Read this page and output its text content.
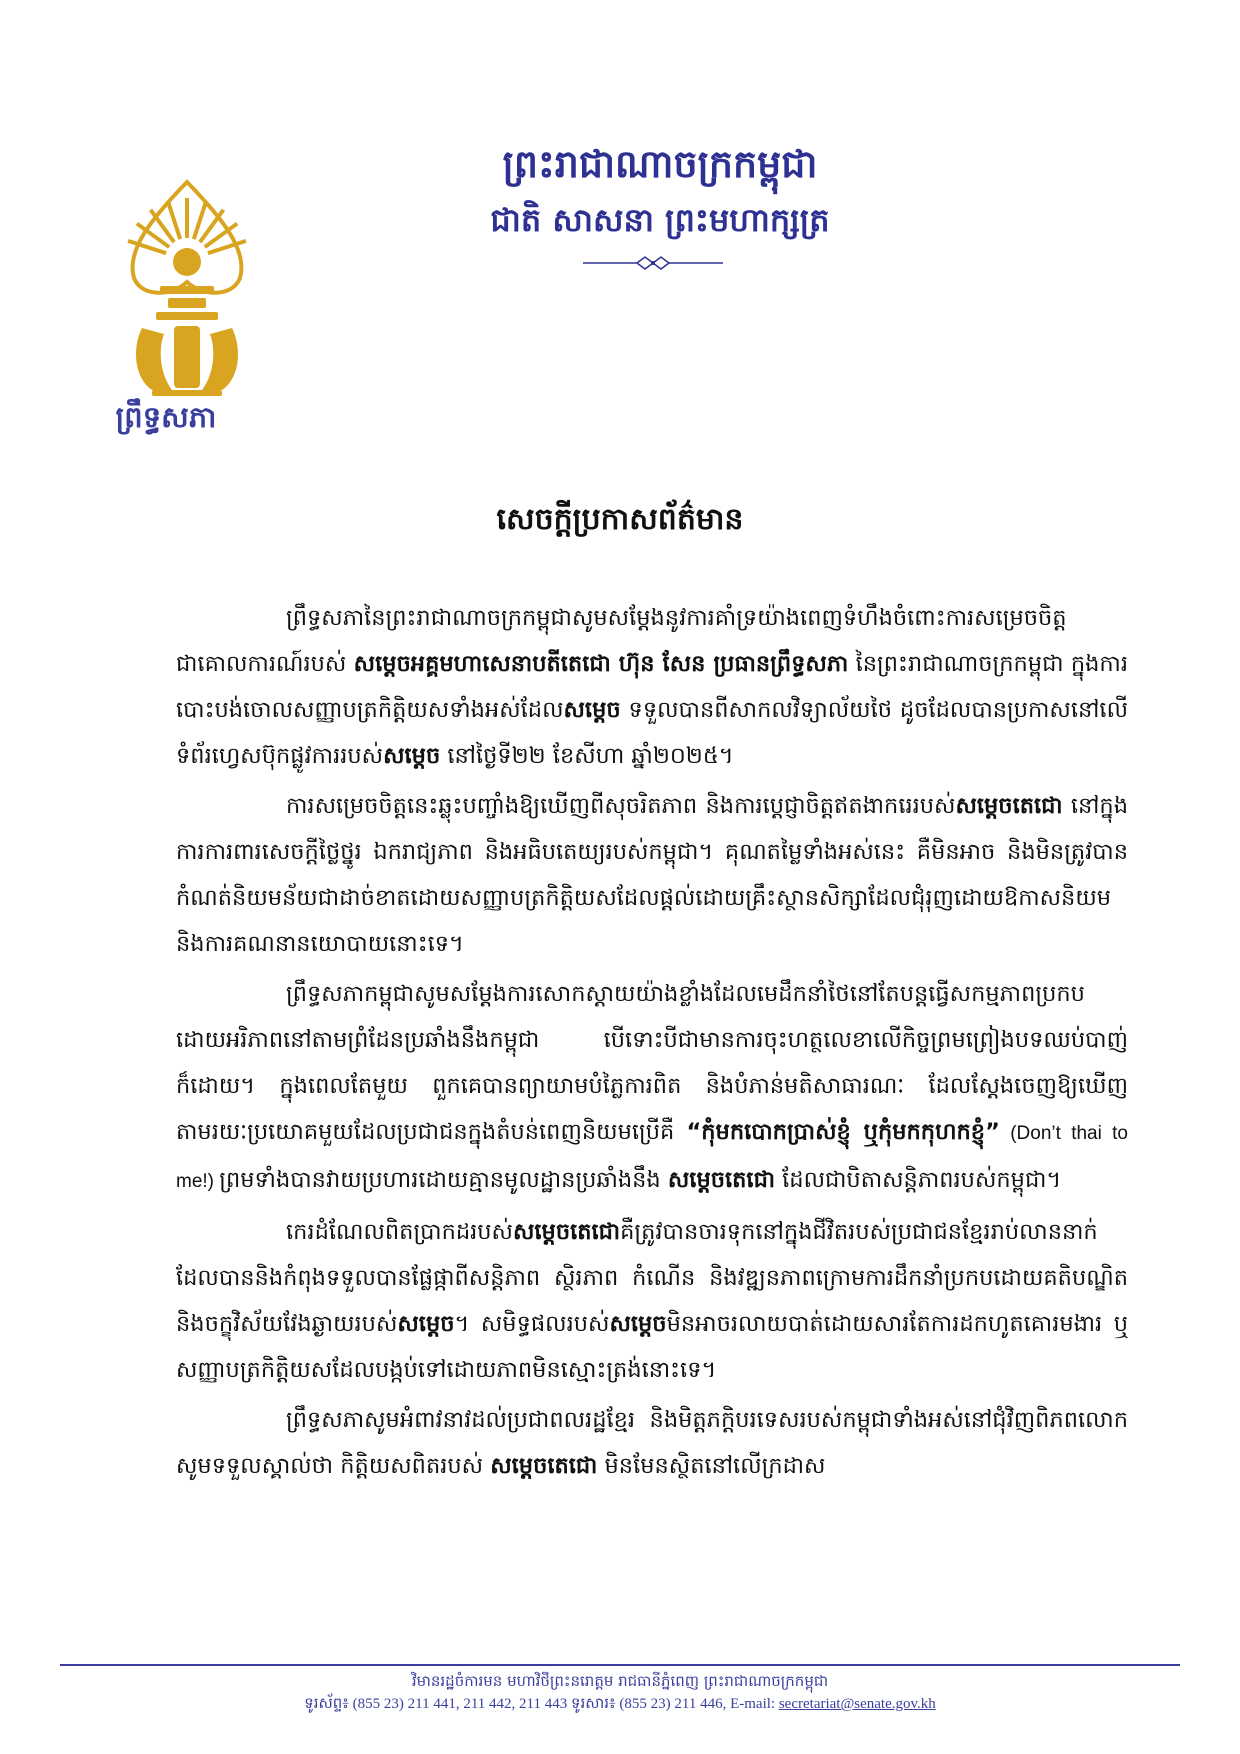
ព្រឹទ្ធសភា
ព្រះរាជាណាចក្រកម្ពុជា
ជាតិ សាសនា ព្រះមហាក្សត្រ
សេចក្តីប្រកាសព័ត៌មាន

ព្រឹទ្ធសភានៃព្រះរាជាណាចក្រកម្ពុជាសូមសម្តែងនូវការគាំទ្រយ៉ាងពេញទំហឹងចំពោះការសម្រេចចិត្តជាគោលការណ៍របស់ សម្តេចអគ្គមហាសេនាបតីតេជោ ហ៊ុន សែន ប្រធានព្រឹទ្ធសភា នៃព្រះរាជាណាចក្រកម្ពុជា ក្នុងការបោះបង់ចោលសញ្ញាបត្រកិត្តិយសទាំងអស់ដែលសម្តេច ទទួលបានពីសាកលវិទ្យាល័យថៃ ដូចដែលបានប្រកាសនៅលើទំព័រហ្វេសប៊ុកផ្លូវការរបស់សម្តេច នៅថ្ងៃទី២២ ខែសីហា ឆ្នាំ២០២៥។

ការសម្រេចចិត្តនេះឆ្លុះបញ្ចាំងឱ្យឃើញពីសុចរិតភាព និងការប្តេជ្ញាចិត្តឥតងាករេរបស់សម្តេចតេជោ នៅក្នុងការការពារសេចក្តីថ្លៃថ្នូរ ឯករាជ្យភាព និងអធិបតេយ្យរបស់កម្ពុជា។ គុណតម្លៃទាំងអស់នេះ គឺមិនអាច និងមិនត្រូវបានកំណត់និយមន័យជាដាច់ខាតដោយសញ្ញាបត្រកិត្តិយសដែលផ្តល់ដោយគ្រឹះស្ថានសិក្សាដែលជុំរុញដោយឱកាសនិយម និងការគណនានយោបាយនោះទេ។

ព្រឹទ្ធសភាកម្ពុជាសូមសម្តែងការសោកស្តាយយ៉ាងខ្លាំងដែលមេដឹកនាំថៃនៅតែបន្តធ្វើសកម្មភាពប្រកបដោយអរិភាពនៅតាមព្រំដែនប្រឆាំងនឹងកម្ពុជា បើទោះបីជាមានការចុះហត្ថលេខាលើកិច្ចព្រមព្រៀងបទឈប់បាញ់ក៏ដោយ។ ក្នុងពេលតែមួយ ពួកគេបានព្យាយាមបំភ្លៃការពិត និងបំភាន់មតិសាធារណៈ ដែលស្តែងចេញឱ្យឃើញតាមរយៈប្រយោគមួយដែលប្រជាជនក្នុងតំបន់ពេញនិយមប្រើគឺ “កុំមកបោកប្រាស់ខ្ញុំ ឬកុំមកកុហកខ្ញុំ” (Don’t thai to me!) ព្រមទាំងបានវាយប្រហារដោយគ្មានមូលដ្ឋានប្រឆាំងនឹង សម្តេចតេជោ ដែលជាបិតាសន្តិភាពរបស់កម្ពុជា។

កេរដំណែលពិតប្រាកដរបស់សម្តេចតេជោគឺត្រូវបានចារទុកនៅក្នុងជីវិតរបស់ប្រជាជនខ្មែររាប់លាននាក់ដែលបាននិងកំពុងទទួលបានផ្លែផ្កាពីសន្តិភាព ស្ថិរភាព កំណើន និងវឌ្ឍនភាពក្រោមការដឹកនាំប្រកបដោយគតិបណ្ឌិត និងចក្ខុវិស័យវែងឆ្ងាយរបស់សម្តេច។ សមិទ្ធផលរបស់សម្តេចមិនអាចរលាយបាត់ដោយសារតែការដកហូតគោរមងារ ឬសញ្ញាបត្រកិត្តិយសដែលបង្កប់ទៅដោយភាពមិនស្មោះត្រង់នោះទេ។

ព្រឹទ្ធសភាសូមអំពាវនាវដល់ប្រជាពលរដ្ឋខ្មែរ និងមិត្តភក្តិបរទេសរបស់កម្ពុជាទាំងអស់នៅជុំវិញពិភពលោក សូមទទួលស្គាល់ថា កិត្តិយសពិតរបស់ សម្តេចតេជោ មិនមែនស្ថិតនៅលើក្រដាស

វិមានរដ្ឋចំការមន មហាវិថីព្រះនរោត្តម រាជធានីភ្នំពេញ ព្រះរាជាណាចក្រកម្ពុជា
ទូរស័ព្ទ៖ (855 23) 211 441, 211 442, 211 443 ទូរសារ៖ (855 23) 211 446, E-mail: secretariat@senate.gov.kh
